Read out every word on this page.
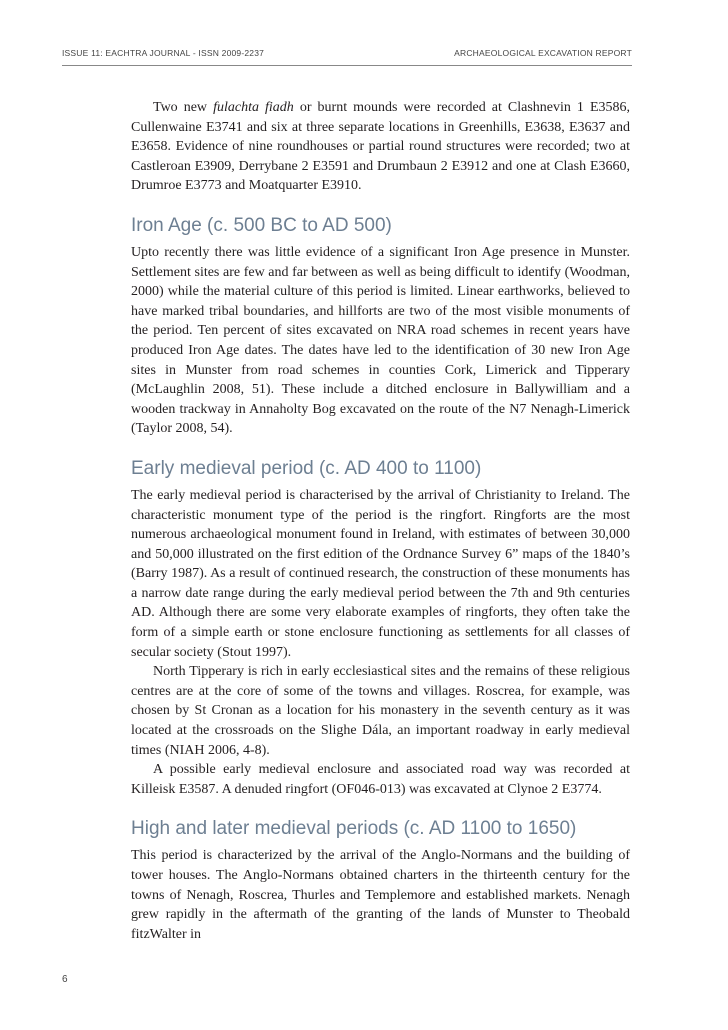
ISSUE 11: EACHTRA JOURNAL - ISSN 2009-2237	ARCHAEOLOGICAL EXCAVATION REPORT

Two new fulachta fiadh or burnt mounds were recorded at Clashnevin 1 E3586, Cullenwaine E3741 and six at three separate locations in Greenhills, E3638, E3637 and E3658. Evidence of nine roundhouses or partial round structures were recorded; two at Castleroan E3909, Derrybane 2 E3591 and Drumbaun 2 E3912 and one at Clash E3660, Drumroe E3773 and Moatquarter E3910.

Iron Age (c. 500 BC to AD 500)

Upto recently there was little evidence of a significant Iron Age presence in Munster. Settlement sites are few and far between as well as being difficult to identify (Woodman, 2000) while the material culture of this period is limited. Linear earthworks, believed to have marked tribal boundaries, and hillforts are two of the most visible monuments of the period. Ten percent of sites excavated on NRA road schemes in recent years have produced Iron Age dates. The dates have led to the identification of 30 new Iron Age sites in Munster from road schemes in counties Cork, Limerick and Tipperary (McLaughlin 2008, 51). These include a ditched enclosure in Ballywilliam and a wooden trackway in Annaholty Bog excavated on the route of the N7 Nenagh-Limerick (Taylor 2008, 54).

Early medieval period (c. AD 400 to 1100)

The early medieval period is characterised by the arrival of Christianity to Ireland. The characteristic monument type of the period is the ringfort. Ringforts are the most numerous archaeological monument found in Ireland, with estimates of between 30,000 and 50,000 illustrated on the first edition of the Ordnance Survey 6” maps of the 1840’s (Barry 1987). As a result of continued research, the construction of these monuments has a narrow date range during the early medieval period between the 7th and 9th centuries AD. Although there are some very elaborate examples of ringforts, they often take the form of a simple earth or stone enclosure functioning as settlements for all classes of secular society (Stout 1997).

North Tipperary is rich in early ecclesiastical sites and the remains of these religious centres are at the core of some of the towns and villages. Roscrea, for example, was chosen by St Cronan as a location for his monastery in the seventh century as it was located at the crossroads on the Slighe Dála, an important roadway in early medieval times (NIAH 2006, 4-8).

A possible early medieval enclosure and associated road way was recorded at Killeisk E3587. A denuded ringfort (OF046-013) was excavated at Clynoe 2 E3774.

High and later medieval periods (c. AD 1100 to 1650)

This period is characterized by the arrival of the Anglo-Normans and the building of tower houses. The Anglo-Normans obtained charters in the thirteenth century for the towns of Nenagh, Roscrea, Thurles and Templemore and established markets. Nenagh grew rapidly in the aftermath of the granting of the lands of Munster to Theobald fitzWalter in

6
